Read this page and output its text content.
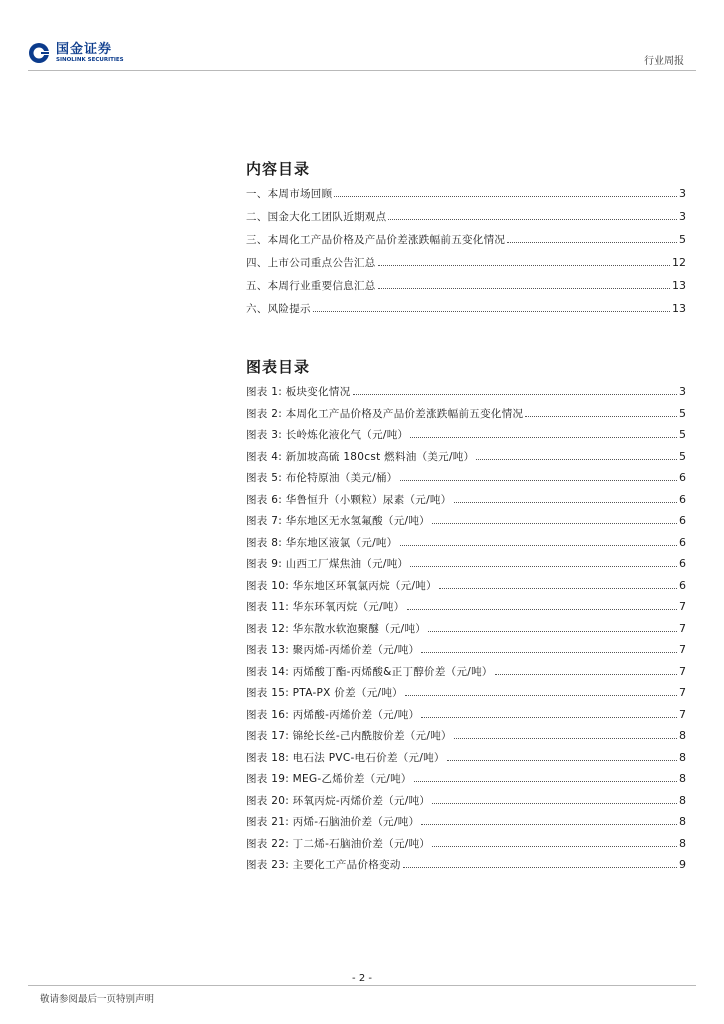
国金证券
SINOLINK SECURITIES	行业周报
内容目录
一、本周市场回顾	3
二、国金大化工团队近期观点	3
三、本周化工产品价格及产品价差涨跌幅前五变化情况	5
四、上市公司重点公告汇总	12
五、本周行业重要信息汇总	13
六、风险提示	13
图表目录
图表 1: 板块变化情况	3
图表 2: 本周化工产品价格及产品价差涨跌幅前五变化情况	5
图表 3: 长岭炼化液化气（元/吨）	5
图表 4: 新加坡高硫 180cst 燃料油（美元/吨）	5
图表 5: 布伦特原油（美元/桶）	6
图表 6: 华鲁恒升（小颗粒）尿素（元/吨）	6
图表 7: 华东地区无水氢氟酸（元/吨）	6
图表 8: 华东地区液氯（元/吨）	6
图表 9: 山西工厂煤焦油（元/吨）	6
图表 10: 华东地区环氧氯丙烷（元/吨）	6
图表 11: 华东环氧丙烷（元/吨）	7
图表 12: 华东散水软泡聚醚（元/吨）	7
图表 13: 聚丙烯-丙烯价差（元/吨）	7
图表 14: 丙烯酸丁酯-丙烯酸&正丁醇价差（元/吨）	7
图表 15: PTA-PX 价差（元/吨）	7
图表 16: 丙烯酸-丙烯价差（元/吨）	7
图表 17: 锦纶长丝-己内酰胺价差（元/吨）	8
图表 18: 电石法 PVC-电石价差（元/吨）	8
图表 19: MEG-乙烯价差（元/吨）	8
图表 20: 环氧丙烷-丙烯价差（元/吨）	8
图表 21: 丙烯-石脑油价差（元/吨）	8
图表 22: 丁二烯-石脑油价差（元/吨）	8
图表 23: 主要化工产品价格变动	9
- 2 -
敬请参阅最后一页特别声明
